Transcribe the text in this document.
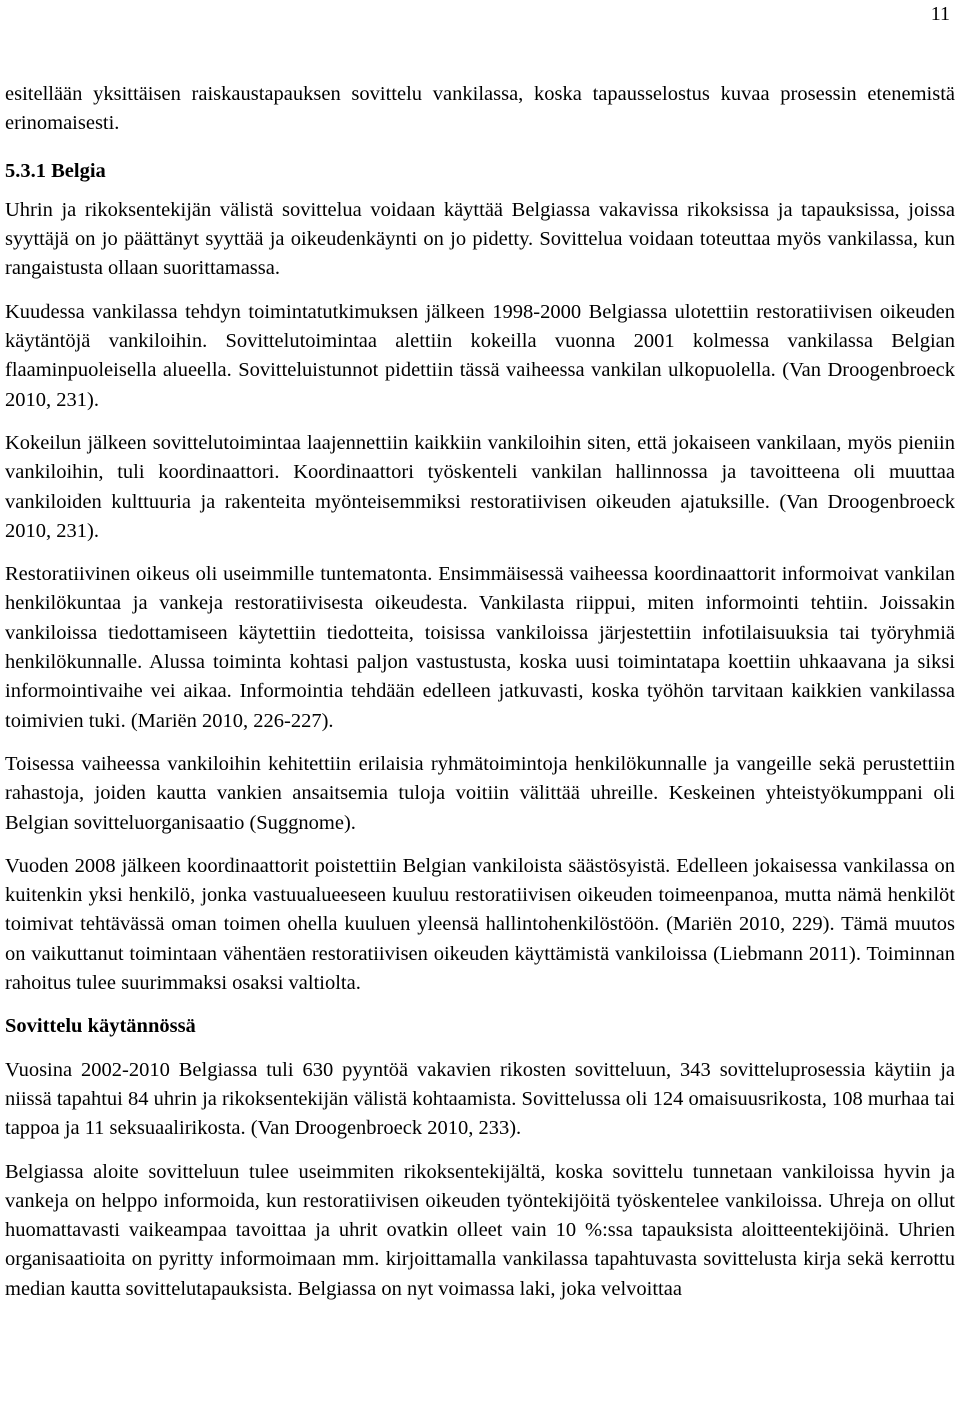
11

esitellään yksittäisen raiskaustapauksen sovittelu vankilassa, koska tapausselostus kuvaa prosessin etenemistä erinomaisesti.

5.3.1 Belgia

Uhrin ja rikoksentekijän välistä sovittelua voidaan käyttää Belgiassa vakavissa rikoksissa ja tapauksissa, joissa syyttäjä on jo päättänyt syyttää ja oikeudenkäynti on jo pidetty. Sovittelua voidaan toteuttaa myös vankilassa, kun rangaistusta ollaan suorittamassa.

Kuudessa vankilassa tehdyn toimintatutkimuksen jälkeen 1998-2000 Belgiassa ulotettiin restoratiivisen oikeuden käytäntöjä vankiloihin. Sovittelutoimintaa alettiin kokeilla vuonna 2001 kolmessa vankilassa Belgian flaaminpuoleisella alueella. Sovitteluistunnot pidettiin tässä vaiheessa vankilan ulkopuolella. (Van Droogenbroeck 2010, 231).

Kokeilun jälkeen sovittelutoimintaa laajennettiin kaikkiin vankiloihin siten, että jokaiseen vankilaan, myös pieniin vankiloihin, tuli koordinaattori. Koordinaattori työskenteli vankilan hallinnossa ja tavoitteena oli muuttaa vankiloiden kulttuuria ja rakenteita myönteisemmiksi restoratiivisen oikeuden ajatuksille. (Van Droogenbroeck 2010, 231).

Restoratiivinen oikeus oli useimmille tuntematonta. Ensimmäisessä vaiheessa koordinaattorit informoivat vankilan henkilökuntaa ja vankeja restoratiivisesta oikeudesta. Vankilasta riippui, miten informointi tehtiin. Joissakin vankiloissa tiedottamiseen käytettiin tiedotteita, toisissa vankiloissa järjestettiin infotilaisuuksia tai työryhmiä henkilökunnalle. Alussa toiminta kohtasi paljon vastustusta, koska uusi toimintatapa koettiin uhkaavana ja siksi informointivaihe vei aikaa. Informointia tehdään edelleen jatkuvasti, koska työhön tarvitaan kaikkien vankilassa toimivien tuki. (Mariën 2010, 226-227).

Toisessa vaiheessa vankiloihin kehitettiin erilaisia ryhmätoimintoja henkilökunnalle ja vangeille sekä perustettiin rahastoja, joiden kautta vankien ansaitsemia tuloja voitiin välittää uhreille. Keskeinen yhteistyökumppani oli Belgian sovitteluorganisaatio (Suggnome).

Vuoden 2008 jälkeen koordinaattorit poistettiin Belgian vankiloista säästösyistä. Edelleen jokaisessa vankilassa on kuitenkin yksi henkilö, jonka vastuualueeseen kuuluu restoratiivisen oikeuden toimeenpanoa, mutta nämä henkilöt toimivat tehtävässä oman toimen ohella kuuluen yleensä hallintohenkilöstöön. (Mariën 2010, 229). Tämä muutos on vaikuttanut toimintaan vähentäen restoratiivisen oikeuden käyttämistä vankiloissa (Liebmann 2011). Toiminnan rahoitus tulee suurimmaksi osaksi valtiolta.

Sovittelu käytännössä

Vuosina 2002-2010 Belgiassa tuli 630 pyyntöä vakavien rikosten sovitteluun, 343 sovitteluprosessia käytiin ja niissä tapahtui 84 uhrin ja rikoksentekijän välistä kohtaamista. Sovittelussa oli 124 omaisuusrikosta, 108 murhaa tai tappoa ja 11 seksuaalirikosta. (Van Droogenbroeck 2010, 233).

Belgiassa aloite sovitteluun tulee useimmiten rikoksentekijältä, koska sovittelu tunnetaan vankiloissa hyvin ja vankeja on helppo informoida, kun restoratiivisen oikeuden työntekijöitä työskentelee vankiloissa. Uhreja on ollut huomattavasti vaikeampaa tavoittaa ja uhrit ovatkin olleet vain 10 %:ssa tapauksista aloitteentekijöinä. Uhrien organisaatioita on pyritty informoimaan mm. kirjoittamalla vankilassa tapahtuvasta sovittelusta kirja sekä kerrottu median kautta sovittelutapauksista. Belgiassa on nyt voimassa laki, joka velvoittaa
